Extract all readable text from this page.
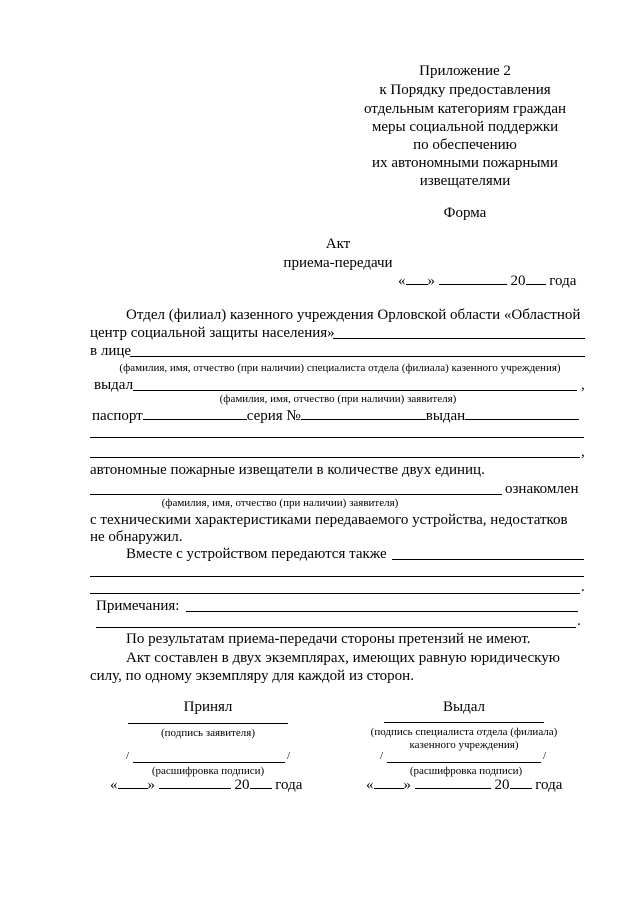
Приложение 2
к Порядку предоставления
отдельным категориям граждан
меры социальной поддержки
по обеспечению
их автономными пожарными
извещателями
Форма
Акт
приема-передачи
« »	20 года
Отдел (филиал) казенного учреждения Орловской области «Областной
центр социальной защиты населения»
в лице
(фамилия, имя, отчество (при наличии) специалиста отдела (филиала) казенного учреждения)
выдал	,
(фамилия, имя, отчество (при наличии) заявителя)
паспорт	серия №	выдан
,
автономные пожарные извещатели в количестве двух единиц.
ознакомлен
(фамилия, имя, отчество (при наличии) заявителя)
с техническими характеристиками передаваемого устройства, недостатков
не обнаружил.
Вместе с устройством передаются также
.
Примечания:
.
По результатам приема-передачи стороны претензий не имеют.
Акт составлен в двух экземплярах, имеющих равную юридическую
силу, по одному экземпляру для каждой из сторон.
Принял
(подпись заявителя)
/	/
(расшифровка подписи)
« »	20 года
Выдал
(подпись специалиста отдела (филиала)
казенного учреждения)
/	/
(расшифровка подписи)
« »	20 года
